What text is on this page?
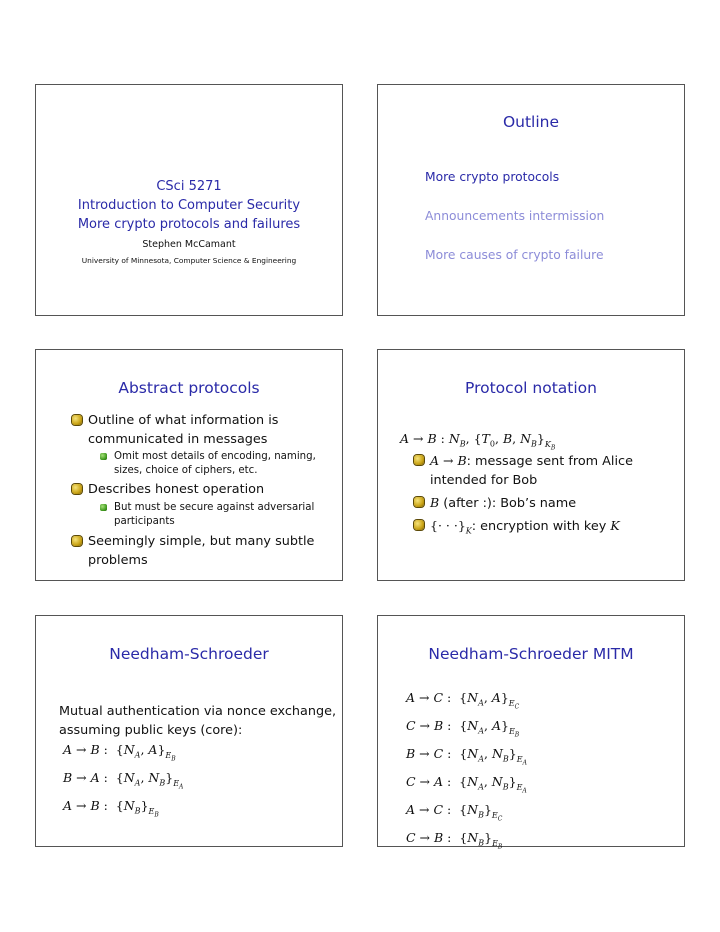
CSci 5271
Introduction to Computer Security
More crypto protocols and failures
Stephen McCamant
University of Minnesota, Computer Science & Engineering
Outline
More crypto protocols
Announcements intermission
More causes of crypto failure
Abstract protocols
Outline of what information is
communicated in messages
Omit most details of encoding, naming,
sizes, choice of ciphers, etc.
Describes honest operation
But must be secure against adversarial
participants
Seemingly simple, but many subtle
problems
Protocol notation
A → B : $N_B$, {$T_0$, B, $N_B\}_{K_B}$
A → B: message sent from Alice
intended for Bob
B (after :): Bob’s name
{· · $\cdot\}_K$: encryption with key K
Needham-Schroeder
Mutual authentication via nonce exchange,
assuming public keys (core):
A → B :  {$N_A$, $A\}_{E_B}$
B → A :  {$N_A$, $N_B\}_{E_A}$
A → B :  $\{N_B\}_{E_B}$
Needham-Schroeder MITM
A → C :  {$N_A$, $A\}_{E_C}$
C → B :  {$N_A$, $A\}_{E_B}$
B → C :  {$N_A$, $N_B\}_{E_A}$
C → A :  {$N_A$, $N_B\}_{E_A}$
A → C :  $\{N_B\}_{E_C}$
C → B :  $\{N_B\}_{E_B}$
